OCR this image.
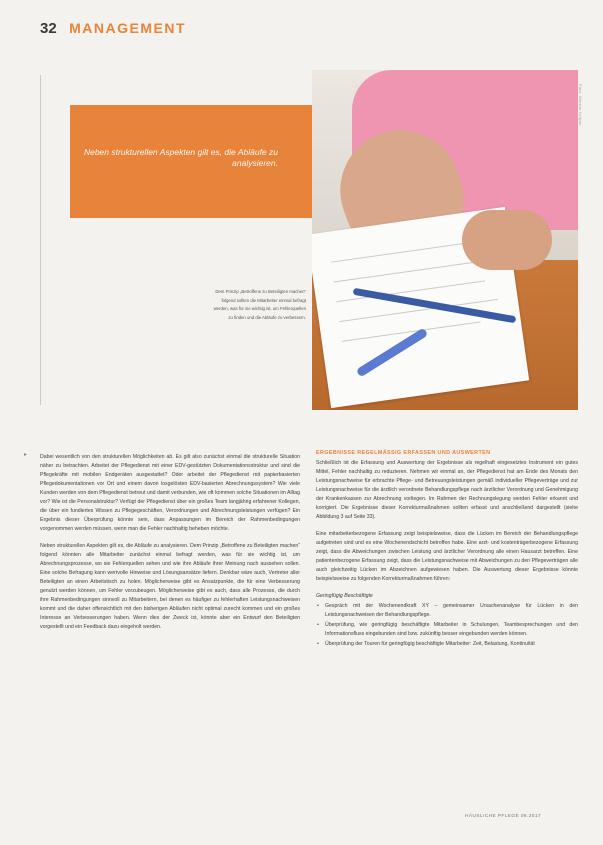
32 MANAGEMENT
Foto: Werner Krüper
Neben strukturellen Aspekten gilt es, die Abläufe zu analysieren.
Dem Prinzip „Betroffene zu Beteiligten machen“ folgend sollten die Mitarbeiter einmal befragt werden, was für sie wichtig ist, um Fehlerquellen zu finden und die Abläufe zu verbessern.
▸ Dabei wesentlich von den strukturellen Möglichkeiten ab. Es gilt also zunächst einmal die strukturelle Situation näher zu betrachten. Arbeitet der Pflegedienst mit einer EDV-gestützten Dokumentationsstruktur und sind die Pflegekräfte mit mobilen Endgeräten ausgestattet? Oder arbeitet der Pflegedienst mit papierbasierten Pflegedokumentationen vor Ort und einem davon losgelösten EDV-basierten Abrechnungssystem? Wie viele Kunden werden von dem Pflegedienst betreut und damit verbunden, wie oft kommen solche Situationen im Alltag vor? Wie ist die Personalstruktur? Verfügt der Pflegedienst über ein großes Team langjährig erfahrener Kollegen, die über ein fundiertes Wissen zu Pflegegeschäften, Verordnungen und Abrechnungsleistungen verfügen? Ein Ergebnis dieser Überprüfung könnte sein, dass Anpassungen im Bereich der Rahmenbedingungen vorgenommen werden müssen, wenn man die Fehler nachhaltig beheben möchte.

Neben strukturellen Aspekten gilt es, die Abläufe zu analysieren. Dem Prinzip „Betroffene zu Beteiligten machen“ folgend könnten alle Mitarbeiter zunächst einmal befragt werden, was für sie wichtig ist, um Abrechnungsprozesse, wo sie Fehlerquellen sehen und wie ihre Abläufe ihrer Meinung nach aussehen sollen. Eine solche Befragung kann wertvolle Hinweise und Lösungsansätze liefern. Denkbar wäre auch, Vertreter aller Beteiligten an einen Arbeitstisch zu holen. Möglicherweise gibt es Ansatzpunkte, die für eine Verbesserung genutzt werden können, um Fehler vorzubeugen. Möglicherweise gibt es auch, dass alle Prozesse, die durch ihre Rahmenbedingungen sinnvoll zu Mitarbeitern, bei denen es häufiger zu fehlerhaften Leistungsnachweisen kommt und die daher offensichtlich mit den bisherigen Abläufen nicht optimal zurecht kommen und ein großes Interesse an Verbesserungen haben. Wenn dies der Zweck ist, könnte aber ein Entwurf den Beteiligten vorgestellt und ein Feedback dazu eingeholt werden.

ERGEBNISSE REGELMÄSSIG ERFASSEN UND AUSWERTEN

Schließlich ist die Erfassung und Auswertung der Ergebnisse als regelhaft eingesetztes Instrument ein gutes Mittel, Fehler nachhaltig zu reduzieren. Nehmen wir einmal an, der Pflegedienst hat am Ende des Monats den Leistungsnachweise für erbrachte Pflege- und Betreuungsleistungen gemäß individueller Pflegeverträge und zur Leistungsnachweise für die ärztlich verordnete Behandlungspflege nach ärztlicher Verordnung und Genehmigung der Krankenkassen zur Abrechnung vorliegen. Im Rahmen der Rechnungslegung werden Fehler erkannt und korrigiert. Die Ergebnisse dieser Korrekturmaßnahmen sollten erfasst und anschließend dargestellt (siehe Abbildung 3 auf Seite 33).

Eine mitarbeiterbezogene Erfassung zeigt beispielsweise, dass die Lücken im Bereich der Behandlungspflege aufgetreten sind und es eine Wochenendschicht betroffen habe. Eine arzt- und kostenträgerbezogene Erfassung zeigt, dass die Abweichungen zwischen Leistung und ärztlicher Verordnung alle einen Hausarzt betreffen. Eine patientenbezogene Erfassung zeigt, dass die Leistungsnachweise mit Abweichungen zu den Pflegeverträgen alle auch gleichzeitig Lücken im Abzeichnen aufgewiesen haben. Die Auswertung dieser Ergebnisse könnte beispielsweise zu folgenden Korrekturmaßnahmen führen:

Geringfügig Beschäftigte
• Gespräch mit der Wochenendkraft XY – gemeinsamer Ursachenanalyse für Lücken in den Leistungsnachweisen der Behandlungspflege.
• Überprüfung, wie geringfügig beschäftigte Mitarbeiter in Schulungen, Teambesprechungen und den Informationsfluss eingebunden sind bzw. zukünftig besser eingebunden werden können.
• Überprüfung der Touren für geringfügig beschäftigte Mitarbeiter: Zeit, Belastung, Kontinuität
HÄUSLICHE PFLEGE 06.2017
